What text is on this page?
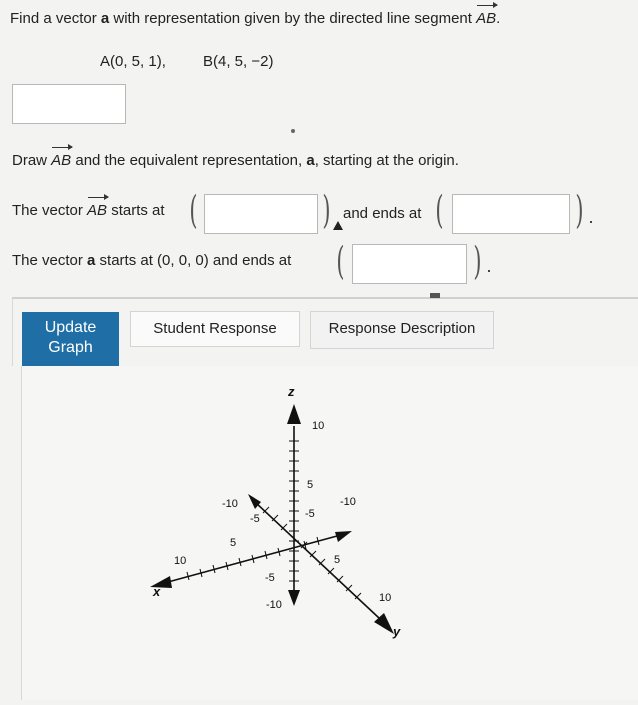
Find a vector a with representation given by the directed line segment AB.
A(0, 5, 1), B(4, 5, −2)
Draw AB and the equivalent representation, a, starting at the origin.
The vector AB starts at (	) and ends at (	)
The vector a starts at (0, 0, 0) and ends at (	)
Update
Graph
Student Response	Response Description
z
x
y
10
5
-10
-5
10
5
-10
-5
10
5
-10
-5
